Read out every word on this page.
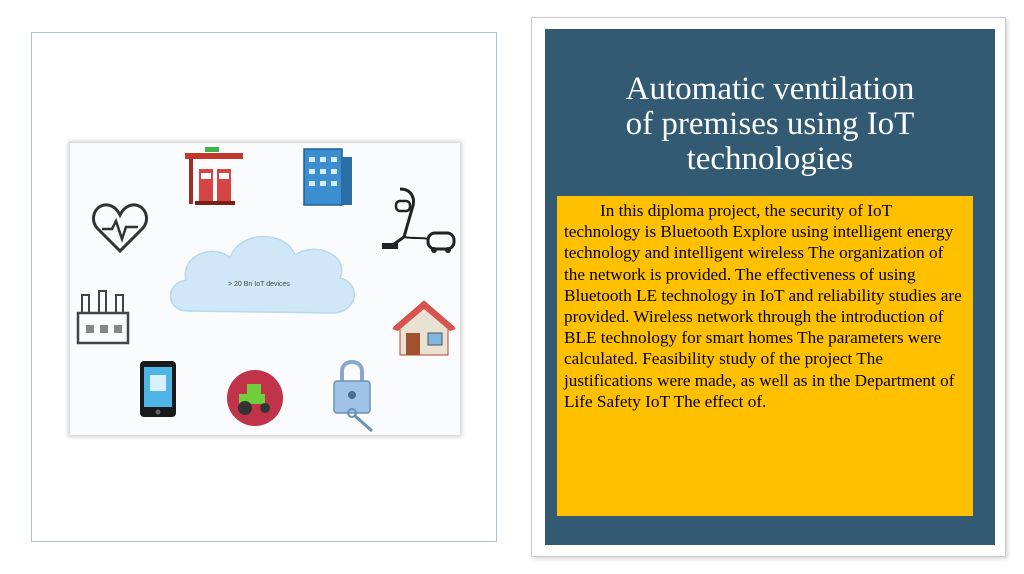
> 20 Bn IoT devices
Automatic ventilation
of premises using IoT
technologies
In this diploma project, the security of IoT technology is Bluetooth Explore using intelligent energy technology and intelligent wireless The organization of the network is provided. The effectiveness of using Bluetooth LE technology in IoT and reliability studies are provided. Wireless network through the introduction of BLE technology for smart homes The parameters were calculated. Feasibility study of the project The justifications were made, as well as in the Department of Life Safety IoT The effect of.
